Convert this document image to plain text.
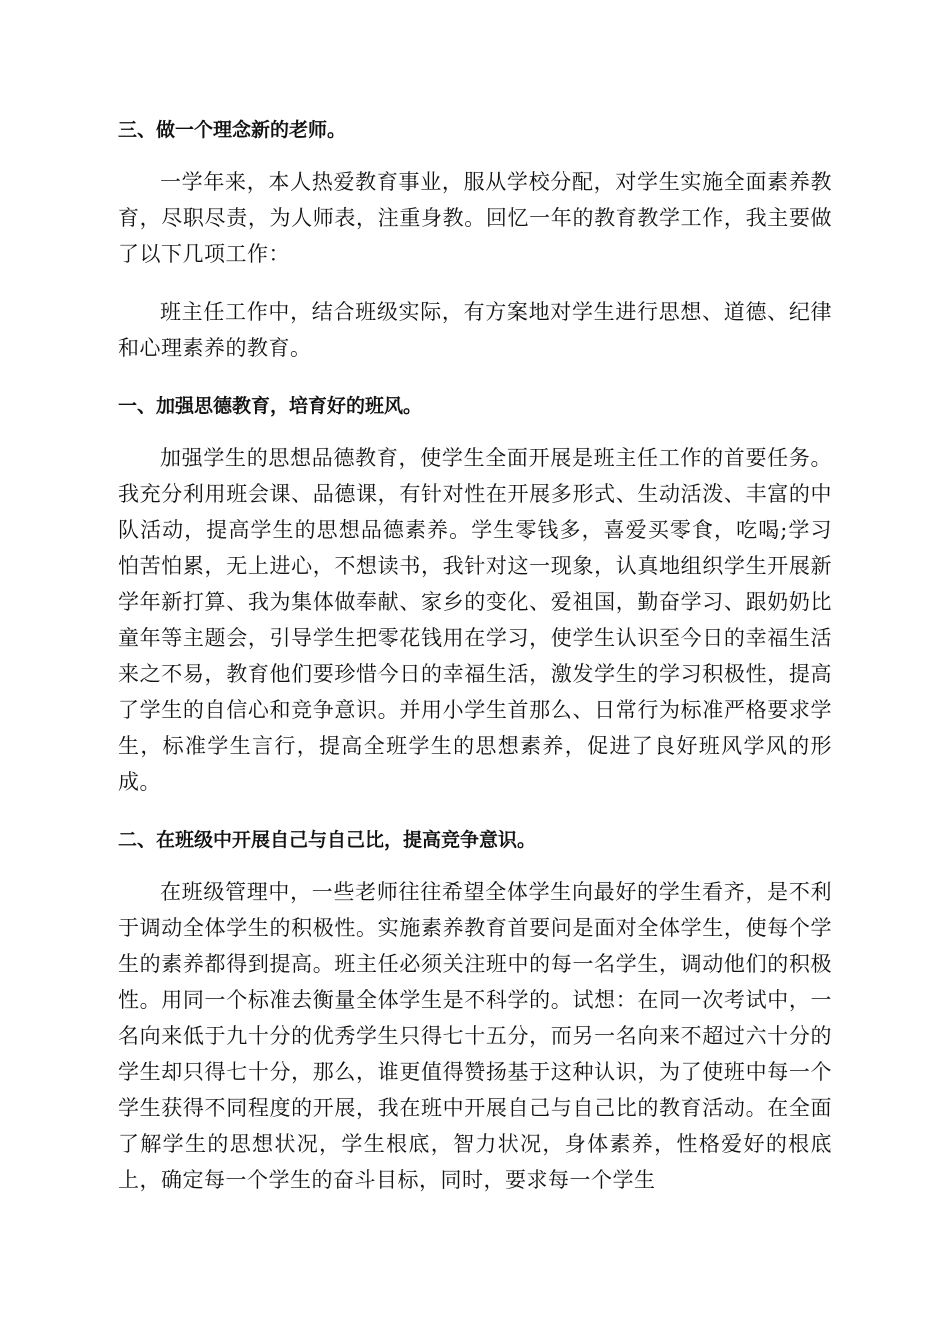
三、做一个理念新的老师。

一学年来，本人热爱教育事业，服从学校分配，对学生实施全面素养教育，尽职尽责，为人师表，注重身教。回忆一年的教育教学工作，我主要做了以下几项工作：

班主任工作中，结合班级实际，有方案地对学生进行思想、道德、纪律和心理素养的教育。

一、加强思德教育，培育好的班风。

加强学生的思想品德教育，使学生全面开展是班主任工作的首要任务。我充分利用班会课、品德课，有针对性在开展多形式、生动活泼、丰富的中队活动，提高学生的思想品德素养。学生零钱多，喜爱买零食，吃喝;学习怕苦怕累，无上进心，不想读书，我针对这一现象，认真地组织学生开展新学年新打算、我为集体做奉献、家乡的变化、爱祖国，勤奋学习、跟奶奶比童年等主题会，引导学生把零花钱用在学习，使学生认识至今日的幸福生活来之不易，教育他们要珍惜今日的幸福生活，激发学生的学习积极性，提高了学生的自信心和竞争意识。并用小学生首那么、日常行为标准严格要求学生，标准学生言行，提高全班学生的思想素养，促进了良好班风学风的形成。

二、在班级中开展自己与自己比，提高竞争意识。

在班级管理中，一些老师往往希望全体学生向最好的学生看齐，是不利于调动全体学生的积极性。实施素养教育首要问是面对全体学生，使每个学生的素养都得到提高。班主任必须关注班中的每一名学生，调动他们的积极性。用同一个标准去衡量全体学生是不科学的。试想：在同一次考试中，一名向来低于九十分的优秀学生只得七十五分，而另一名向来不超过六十分的学生却只得七十分，那么，谁更值得赞扬基于这种认识，为了使班中每一个学生获得不同程度的开展，我在班中开展自己与自己比的教育活动。在全面了解学生的思想状况，学生根底，智力状况，身体素养，性格爱好的根底上，确定每一个学生的奋斗目标，同时，要求每一个学生
